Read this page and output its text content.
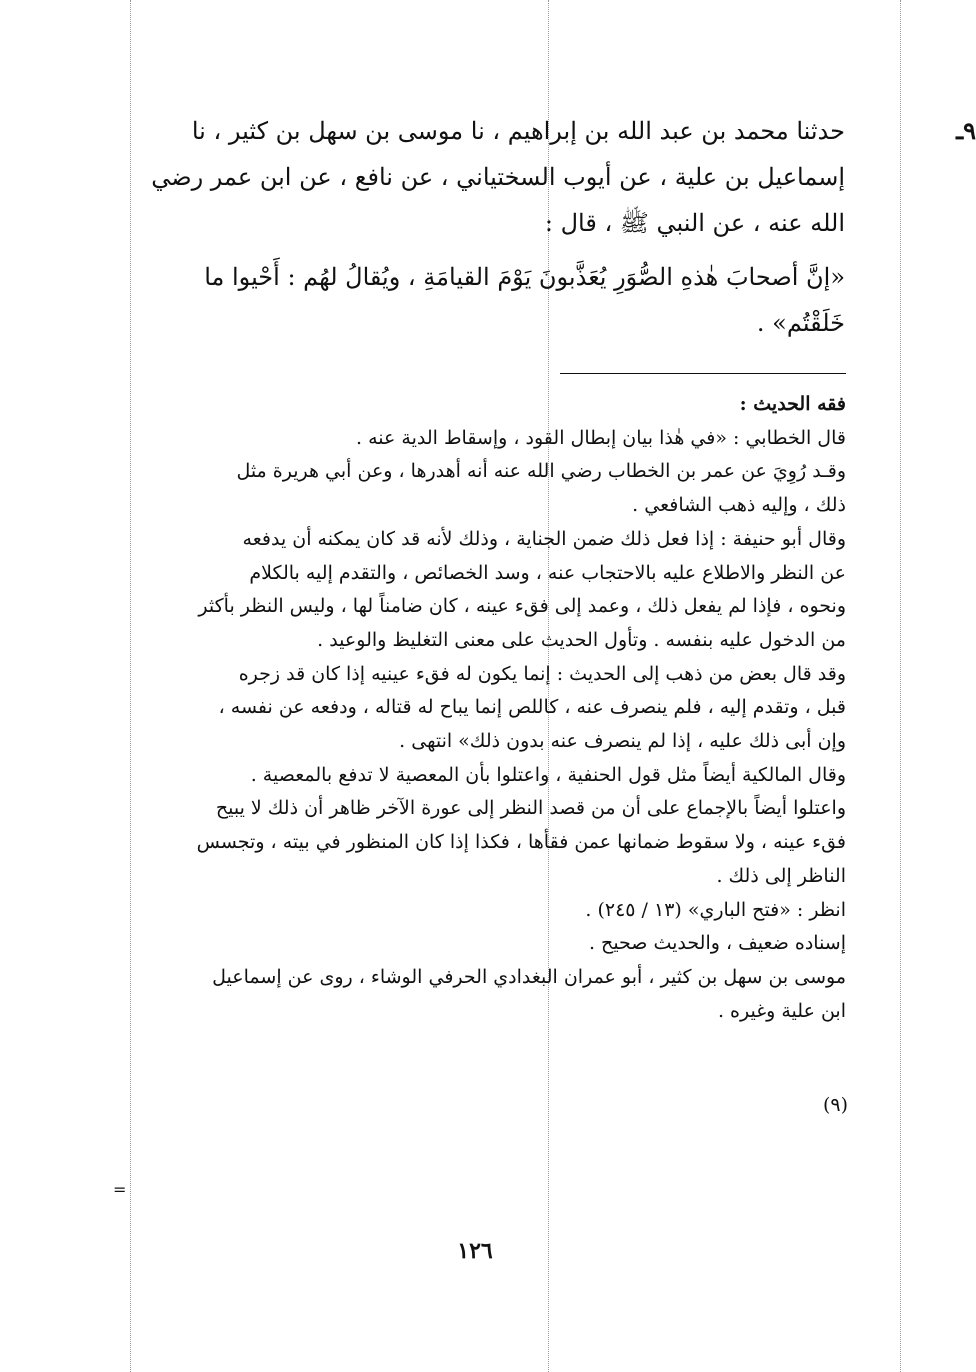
٩ـ

حدثنا محمد بن عبد الله بن إبراهيم ، نا موسى بن سهل بن كثير ، نا

إسماعيل بن علية ، عن أيوب السختياني ، عن نافع ، عن ابن عمر رضي

الله عنه ، عن النبي ﷺ ، قال :

«إنَّ أصحابَ هٰذهِ الصُّوَرِ يُعَذَّبونَ يَوْمَ القيامَةِ ، ويُقالُ لهُم : أَحْيوا ما

خَلَقْتُم» .

فقه الحديث :

قال الخطابي : «في هٰذا بيان إبطال القود ، وإسقاط الدية عنه .

وقـد رُوِيَ عن عمر بن الخطاب رضي الله عنه أنه أهدرها ، وعن أبي هريرة مثل

ذلك ، وإليه ذهب الشافعي .

وقال أبو حنيفة : إذا فعل ذلك ضمن الجناية ، وذلك لأنه قد كان يمكنه أن يدفعه

عن النظر والاطلاع عليه بالاحتجاب عنه ، وسد الخصائص ، والتقدم إليه بالكلام

ونحوه ، فإذا لم يفعل ذلك ، وعمد إلى فقء عينه ، كان ضامناً لها ، وليس النظر بأكثر

من الدخول عليه بنفسه . وتأول الحديث على معنى التغليظ والوعيد .

وقد قال بعض من ذهب إلى الحديث : إنما يكون له فقء عينيه إذا كان قد زجره

قبل ، وتقدم إليه ، فلم ينصرف عنه ، كاللص إنما يباح له قتاله ، ودفعه عن نفسه ،

وإن أبى ذلك عليه ، إذا لم ينصرف عنه بدون ذلك» انتهى .

وقال المالكية أيضاً مثل قول الحنفية ، واعتلوا بأن المعصية لا تدفع بالمعصية .

واعتلوا أيضاً بالإجماع على أن من قصد النظر إلى عورة الآخر ظاهر أن ذلك لا يبيح

فقء عينه ، ولا سقوط ضمانها عمن فقأها ، فكذا إذا كان المنظور في بيته ، وتجسس

الناظر إلى ذلك .

انظر : «فتح الباري» (١٣ / ٢٤٥) .

إسناده ضعيف ، والحديث صحيح .

موسى بن سهل بن كثير ، أبو عمران البغدادي الحرفي الوشاء ، روى عن إسماعيل

ابن علية وغيره .

(٩)
١٢٦
=
